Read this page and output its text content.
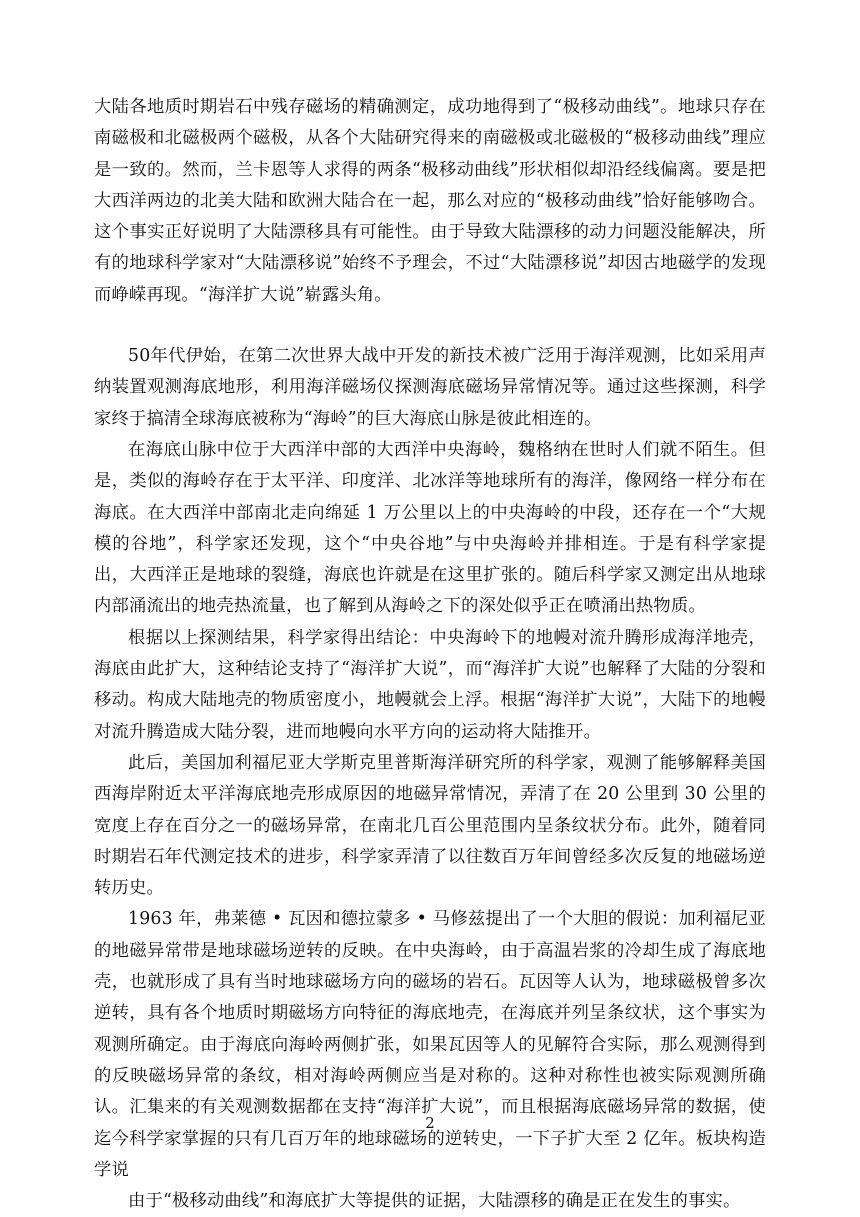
大陆各地质时期岩石中残存磁场的精确测定，成功地得到了“极移动曲线”。地球只存在南磁极和北磁极两个磁极，从各个大陆研究得来的南磁极或北磁极的“极移动曲线”理应是一致的。然而，兰卡恩等人求得的两条“极移动曲线”形状相似却沿经线偏离。要是把大西洋两边的北美大陆和欧洲大陆合在一起，那么对应的“极移动曲线”恰好能够吻合。这个事实正好说明了大陆漂移具有可能性。由于导致大陆漂移的动力问题没能解决，所有的地球科学家对“大陆漂移说”始终不予理会，不过“大陆漂移说”却因古地磁学的发现而峥嵘再现。“海洋扩大说”崭露头角。

50年代伊始，在第二次世界大战中开发的新技术被广泛用于海洋观测，比如采用声纳装置观测海底地形，利用海洋磁场仪探测海底磁场异常情况等。通过这些探测，科学家终于搞清全球海底被称为“海岭”的巨大海底山脉是彼此相连的。

在海底山脉中位于大西洋中部的大西洋中央海岭，魏格纳在世时人们就不陌生。但是，类似的海岭存在于太平洋、印度洋、北冰洋等地球所有的海洋，像网络一样分布在海底。在大西洋中部南北走向绵延 1 万公里以上的中央海岭的中段，还存在一个“大规模的谷地”，科学家还发现，这个“中央谷地”与中央海岭并排相连。于是有科学家提出，大西洋正是地球的裂缝，海底也许就是在这里扩张的。随后科学家又测定出从地球内部涌流出的地壳热流量，也了解到从海岭之下的深处似乎正在喷涌出热物质。

根据以上探测结果，科学家得出结论：中央海岭下的地幔对流升腾形成海洋地壳，海底由此扩大，这种结论支持了“海洋扩大说”，而“海洋扩大说”也解释了大陆的分裂和移动。构成大陆地壳的物质密度小，地幔就会上浮。根据“海洋扩大说”，大陆下的地幔对流升腾造成大陆分裂，进而地幔向水平方向的运动将大陆推开。

此后，美国加利福尼亚大学斯克里普斯海洋研究所的科学家，观测了能够解释美国西海岸附近太平洋海底地壳形成原因的地磁异常情况，弄清了在 20 公里到 30 公里的宽度上存在百分之一的磁场异常，在南北几百公里范围内呈条纹状分布。此外，随着同时期岩石年代测定技术的进步，科学家弄清了以往数百万年间曾经多次反复的地磁场逆转历史。

1963 年，弗莱德 • 瓦因和德拉蒙多 • 马修兹提出了一个大胆的假说：加利福尼亚的地磁异常带是地球磁场逆转的反映。在中央海岭，由于高温岩浆的冷却生成了海底地壳，也就形成了具有当时地球磁场方向的磁场的岩石。瓦因等人认为，地球磁极曾多次逆转，具有各个地质时期磁场方向特征的海底地壳，在海底并列呈条纹状，这个事实为观测所确定。由于海底向海岭两侧扩张，如果瓦因等人的见解符合实际，那么观测得到的反映磁场异常的条纹，相对海岭两侧应当是对称的。这种对称性也被实际观测所确认。汇集来的有关观测数据都在支持“海洋扩大说”，而且根据海底磁场异常的数据，使迄今科学家掌握的只有几百万年的地球磁场的逆转史，一下子扩大至 2 亿年。板块构造学说

由于“极移动曲线”和海底扩大等提供的证据，大陆漂移的确是正在发生的事实。

2
